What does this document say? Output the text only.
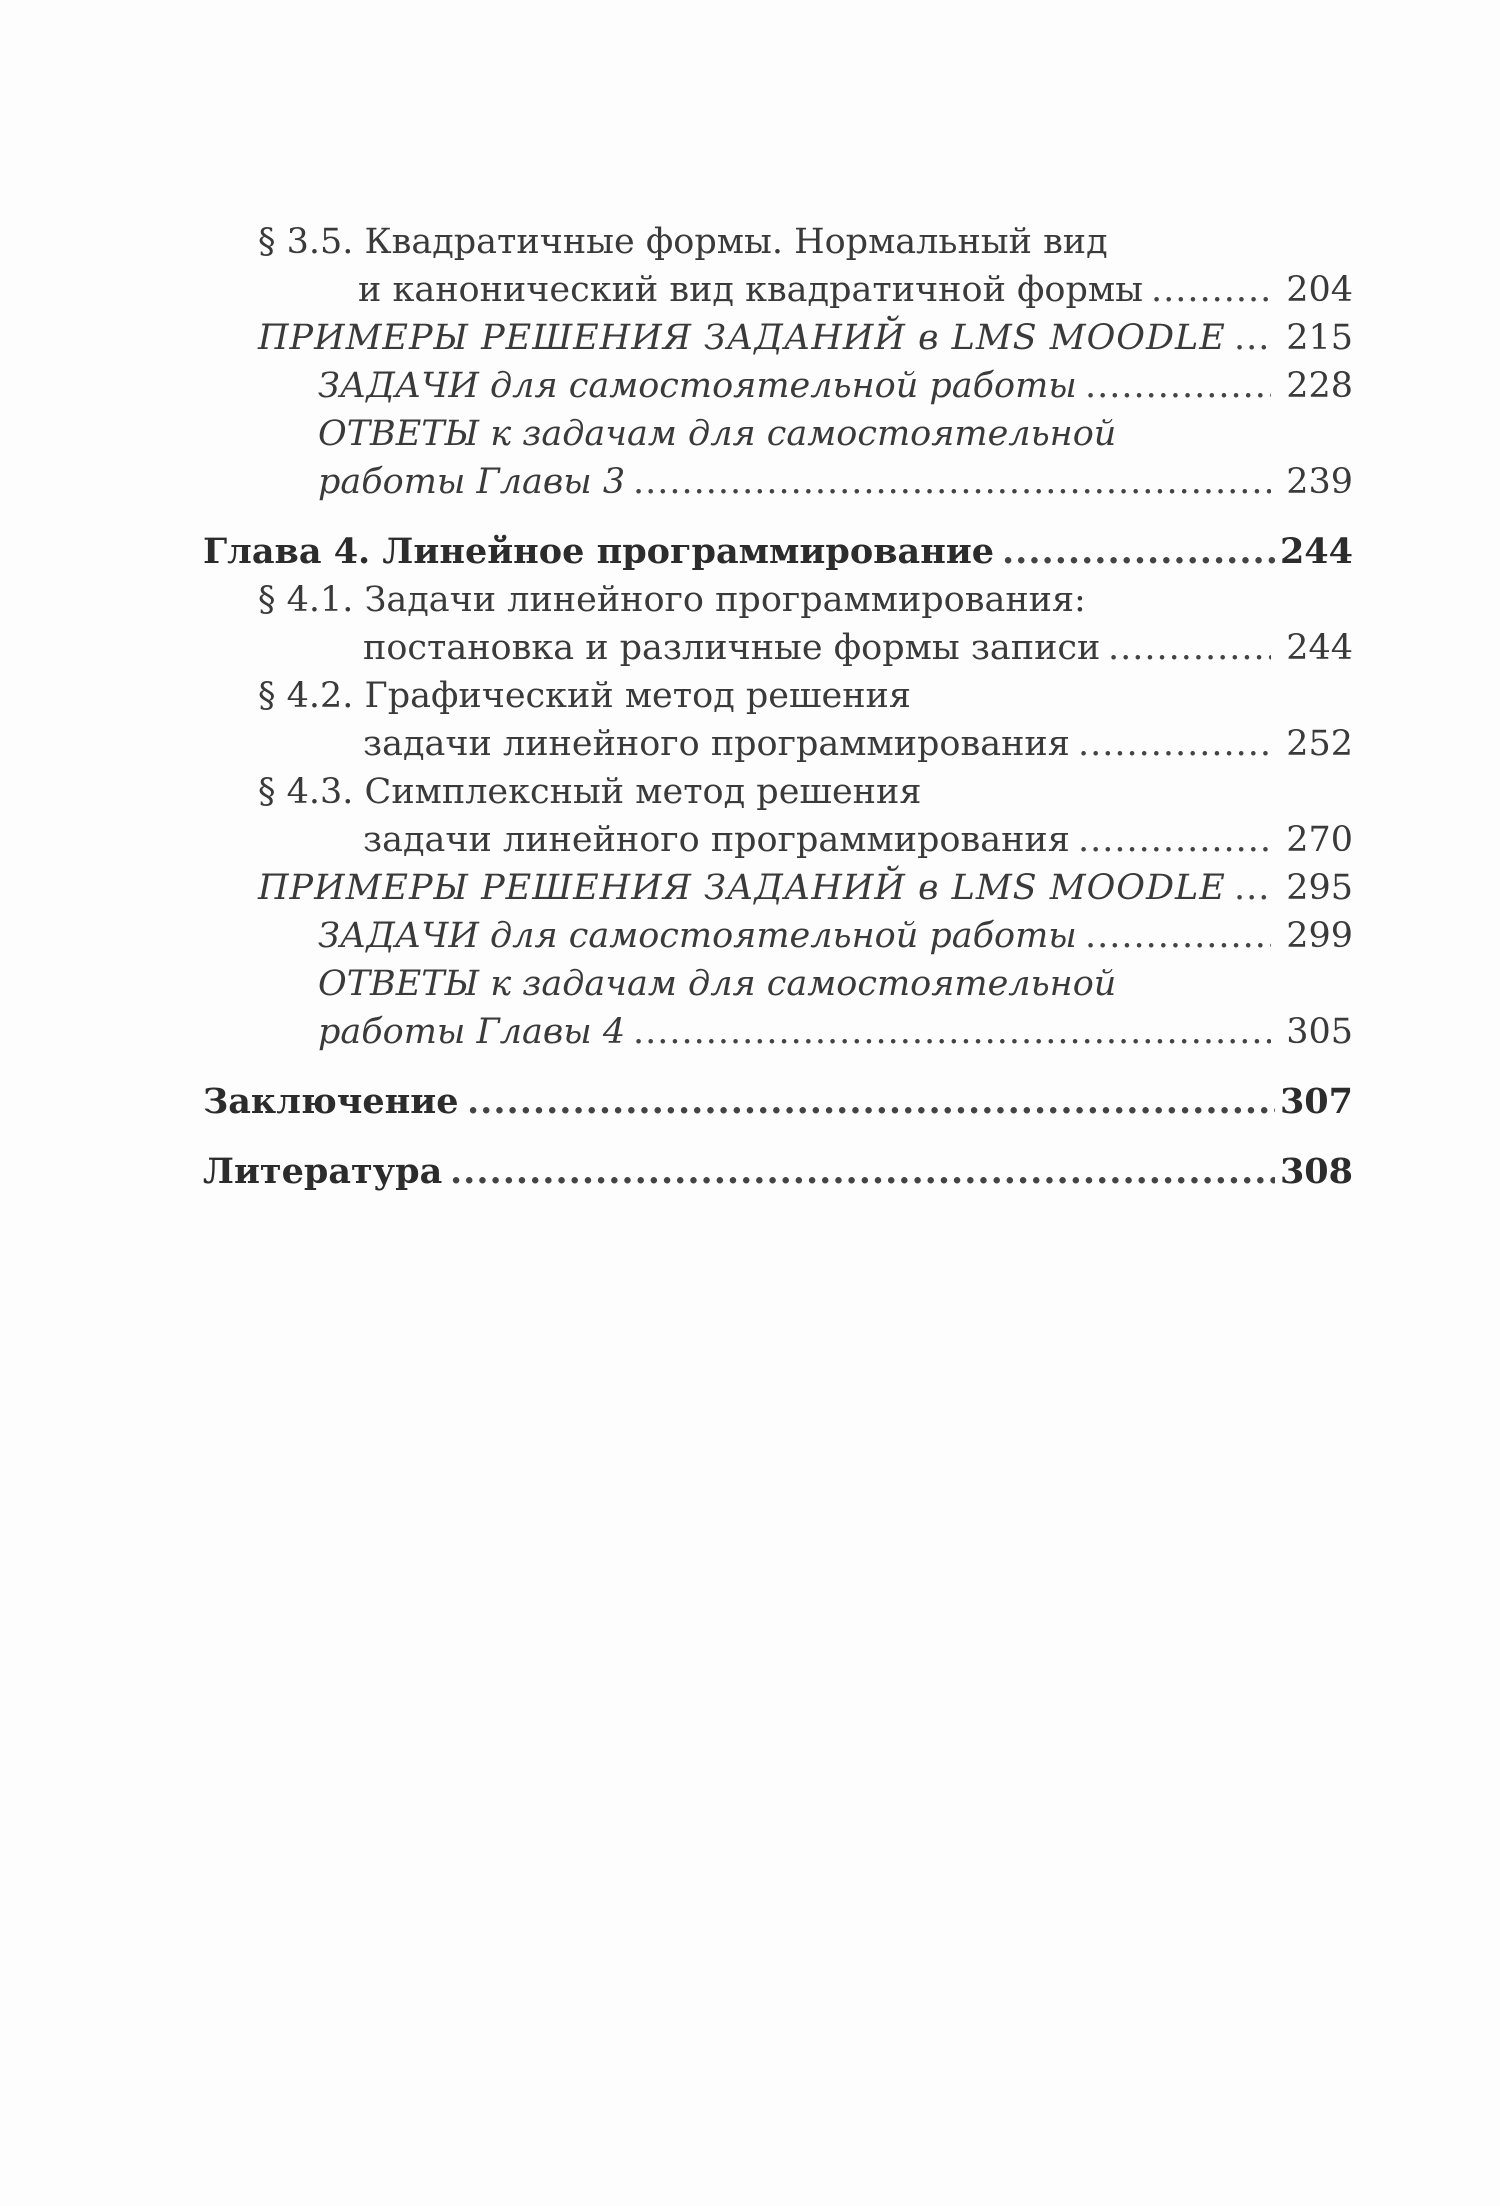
§ 3.5. Квадратичные формы. Нормальный вид
и канонический вид квадратичной формы .....	204
ПРИМЕРЫ РЕШЕНИЯ ЗАДАНИЙ в LMS MOODLE ..... 215
ЗАДАЧИ для самостоятельной работы .....	228
ОТВЕТЫ к задачам для самостоятельной
работы Главы 3 .....	239
Глава 4. Линейное программирование .....	244
§ 4.1. Задачи линейного программирования:
постановка и различные формы записи .....	244
§ 4.2. Графический метод решения
задачи линейного программирования .....	252
§ 4.3. Симплексный метод решения
задачи линейного программирования .....	270
ПРИМЕРЫ РЕШЕНИЯ ЗАДАНИЙ в LMS MOODLE ..... 295
ЗАДАЧИ для самостоятельной работы .....	299
ОТВЕТЫ к задачам для самостоятельной
работы Главы 4 .....	305
Заключение .....	307
Литература .....	308
